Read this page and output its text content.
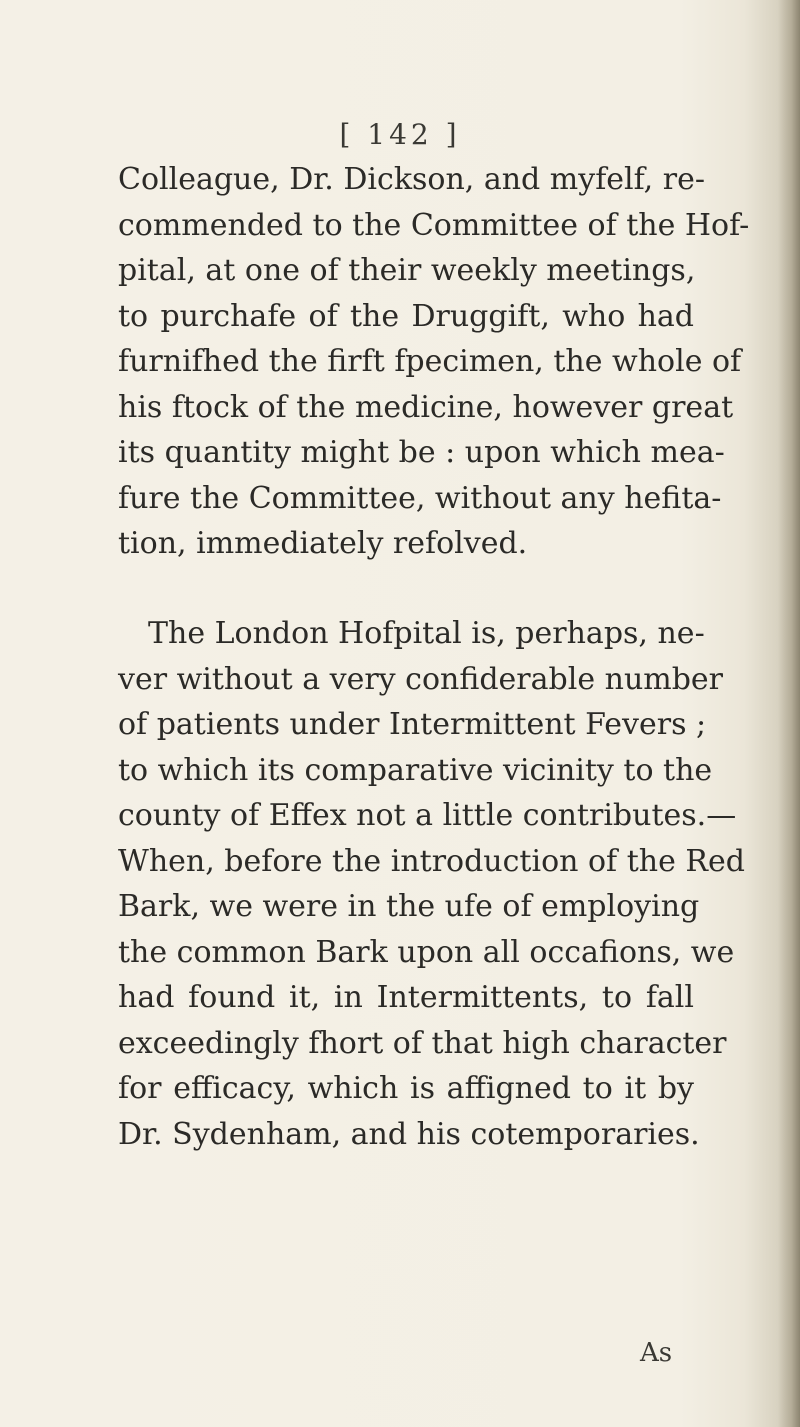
[ 142 ]
Colleague, Dr. Dickson, and myfelf, re-
commended to the Committee of the Hof-
pital, at one of their weekly meetings,
to purchafe of the Druggift, who had
furnifhed the firft fpecimen, the whole of
his ftock of the medicine, however great
its quantity might be : upon which mea-
fure the Committee, without any hefita-
tion, immediately refolved.
The London Hofpital is, perhaps, ne-
ver without a very confiderable number
of patients under Intermittent Fevers ;
to which its comparative vicinity to the
county of Effex not a little contributes.—
When, before the introduction of the Red
Bark, we were in the ufe of employing
the common Bark upon all occafions, we
had found it, in Intermittents, to fall
exceedingly fhort of that high character
for efficacy, which is affigned to it by
Dr. Sydenham, and his cotemporaries.
As
